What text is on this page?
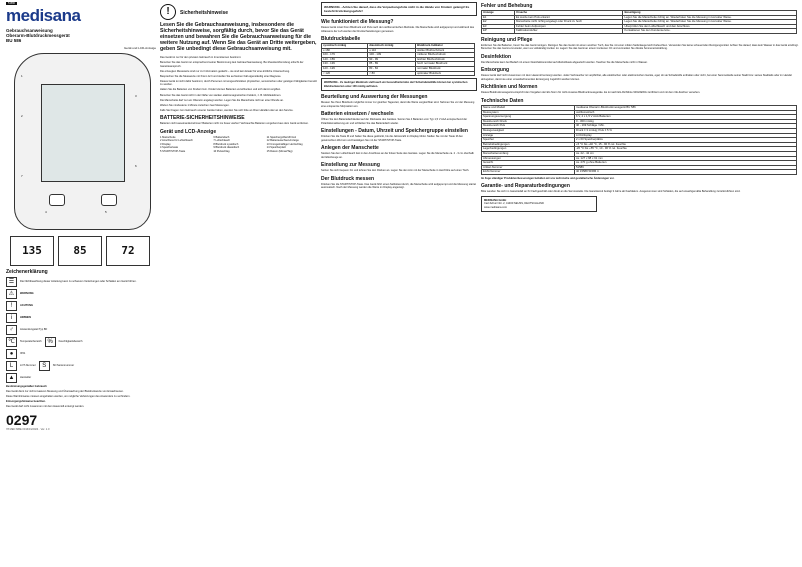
51586
medisana
Gebrauchsanweisung
Oberarm-Blutdruckmessgerät
BU 586
Gerät und LCD-Anzeige
1
2
3
4	5
6
7
135	85	72
Zeichenerklärung
☰	Die Nichtbeachtung dieser Anleitung kann zu schweren Verletzungen oder Schäden am Gerät führen.
⚠	WARNUNG
!	ACHTUNG
i	HINWEIS
♂	Anwendungsteil Typ BF
℃	Temperaturbereich %	Feuchtigkeitsbereich
●	IP21
L	LOT-Nummer	S	SN Seriennummer
▲	Hersteller

Bestimmungsgemäßer Gebrauch

Das Gerät dient zur nicht-invasiven Messung und Überwachung der Blutdruckwerte von Erwachsenen.

Diese Warnhinweise müssen eingehalten werden, um mögliche Verletzungen des Anwenders zu verhindern.

Entsorgungshinweise beachten.

Das Gerät darf nicht zusammen mit dem Hausmüll entsorgt werden.

0297
78 MED MBE 0016/01/2024 · Ver. 1.0
!	Sicherheitshinweise
Lesen Sie die Gebrauchsanweisung, insbesondere die Sicherheitshinweise, sorgfältig durch, bevor Sie das Gerät einsetzen und bewahren Sie die Gebrauchsanweisung für die weitere Nutzung auf. Wenn Sie das Gerät an Dritte weitergeben, geben Sie unbedingt diese Gebrauchsanweisung mit.

Das Gerät ist nur für den privaten Gebrauch in Innenräumen bestimmt.

Benutzen Sie das Gerät nur entsprechend seiner Bestimmung laut Gebrauchsanweisung. Bei Zweckentfremdung erlischt der Garantieanspruch.

Die erzeugten Messwerte sind nur zur Information gedacht – sie sind kein Ersatz für eine ärztliche Untersuchung.

Besprechen Sie die Messwerte mit Ihrem Arzt und stellen Sie auf keinen Fall eigenständig eine Diagnose.

Dieses Gerät ist nicht dafür bestimmt, durch Personen mit eingeschränkten physischen, sensorischen oder geistigen Fähigkeiten benutzt zu werden.

Halten Sie die Batterien von Kindern fern. Kinder können Batterien verschlucken und sich damit vergiften.

Benutzen Sie das Gerät nicht in der Nähe von starken elektromagnetischen Feldern, z. B. Mobiltelefonen.

Die Manschette darf nur am Oberarm angelegt werden. Legen Sie die Manschette nicht an einer Wunde an.

Warten Sie mindestens 1 Minute zwischen zwei Messungen.

Falls Sie Fragen zum Gebrauch unserer Geräte haben, wenden Sie sich bitte an Ihren Händler oder an den Service.

BATTERIE-SICHERHEITSHINWEISE

Batterien nicht auseinandernehmen! Batterien nicht ins Feuer werfen! Verbrauchte Batterien umgehend aus dem Gerät entfernen.

Gerät und LCD-Anzeige
1 Manschette
2 Anschluss für Luftschlauch
3 Display
4 Speichertaste
5 START/STOP-Taste
6 Batteriefach
7 Luftschlauch
8 Blutdruck systolisch
9 Blutdruck diastolisch
10 Pulsschlag
11 Speichergröße/Uhrzeit
12 Batteriewechsel-Anzeige
13 Unregelmäßiger Herzschlag
14 Speicherplatz
15 Datum (Monat/Tag)
WARNUNG - Achten Sie darauf, dass die Verpackungsfolie nicht in die Hände von Kindern gelangt! Es besteht Erstickungsgefahr!
Wie funktioniert die Messung?

Dieses Gerät misst Ihren Blutdruck und Puls nach der oszillometrischen Methode. Die Manschette wird aufgepumpt und während des Ablassens der Luft werden die Druckschwankungen gemessen.

Blutdrucktabelle
systolisch mmHg	diastolisch mmHg	Blutdruck-Indikator
≥ 180	≥ 110	stärker Bluthochdruck
160 - 179	100 - 109	mittlerer Bluthochdruck
140 - 159	90 - 99	leichter Bluthochdruck
130 - 139	85 - 89	hoch normaler Blutdruck
120 - 129	80 - 84	normaler Blutdruck
< 120	< 80	optimaler Blutdruck
WARNUNG - Zu niedriger Blutdruck stellt auch ein Gesundheitsrisiko dar! Schwindelanfälle können bei systolischen Blutdruckwerten unter 100 mmHg auftreten.
Beurteilung und Auswertung der Messungen

Messen Sie Ihren Blutdruck möglichst immer zur gleichen Tageszeit, damit die Werte vergleichbar sind. Nehmen Sie vor der Messung eine entspannte Sitzposition ein.

Batterien einsetzen / wechseln

Öffnen Sie den Batteriefachdeckel auf der Rückseite des Gerätes. Setzen Sie 4 Batterien vom Typ 1,5 V AAA entsprechend der Polaritätsmarkierung ein und schließen Sie das Batteriefach wieder.

Einstellungen - Datum, Uhrzeit und Speichergruppe einstellen

Drücken Sie die Taste M und halten Sie diese gedrückt, bis die Jahreszahl im Display blinkt. Stellen Sie mit der Taste M den gewünschten Wert ein und bestätigen Sie mit der START/STOP-Taste.

Anlegen der Manschette

Stecken Sie den Luftschlauch fest in den Anschluss an der linken Seite des Gerätes. Legen Sie die Manschette ca. 2 - 3 cm oberhalb der Ellenbeuge an.

Einstellung zur Messung

Setzen Sie sich bequem hin und lehnen Sie den Rücken an. Legen Sie den Arm mit der Manschette in Herzhöhe auf einen Tisch.

Der Blutdruck messen

Drücken Sie die START/STOP-Taste. Das Gerät führt einen Selbsttest durch, die Manschette wird aufgepumpt und die Messung startet automatisch. Nach der Messung werden die Werte im Display angezeigt.

Fehler und Behebung
Anzeige	Ursache	Beseitigung
E1	Es wurde kein Puls erkannt	Legen Sie die Manschette richtig an. Wiederholen Sie die Messung in korrekter Weise.
E2	Manschette nicht richtig angelegt oder Druck zu hoch	Legen Sie die Manschette richtig an. Wiederholen Sie die Messung in korrekter Weise.
E3	Fehler beim Aufpumpen	Überprüfen Sie den Luftschlauch und den Anschluss.
EP	Kalibrationsfehler	Kontaktieren Sie den Kundenservice.
Reinigung und Pflege

Entfernen Sie die Batterien, bevor Sie das Gerät reinigen. Reinigen Sie das Gerät mit einem weichen Tuch, das Sie mit einer milden Seifenlauge leicht befeuchten. Verwenden Sie keine scheuernden Reinigungsmittel. Achten Sie darauf, dass kein Wasser in das Gerät eindringt. Benutzen Sie das Gerät erst wieder, wenn es vollständig trocken ist. Lagern Sie das Gerät an einem trockenen Ort und vermeiden Sie direkte Sonneneinstrahlung.

Desinfektion

Die Manschette kann bei Bedarf mit einem Desinfektionsmittel auf Alkoholbasis abgewischt werden. Tauchen Sie die Manschette nicht in Wasser.

Entsorgung

Dieses Gerät darf nicht zusammen mit dem Hausmüll entsorgt werden. Jeder Verbraucher ist verpflichtet, alle elektrischen oder elektronischen Geräte, egal, ob sie Schadstoffe enthalten oder nicht, bei einer Sammelstelle seiner Stadt bzw. seines Stadtteils oder im Handel abzugeben, damit sie einer umweltschonenden Entsorgung zugeführt werden können.

Richtlinien und Normen

Dieses Blutdruckmessgerät entspricht den Vorgaben der EU-Norm für nicht-invasive Blutdruckmessgeräte. Es ist nach EG-Richtlinie 93/42/EWG zertifiziert und mit dem CE-Zeichen versehen.

Technische Daten
Name und Modell	medisana Oberarm-Blutdruckmessgerät BU 586
Messsystem	oszillometrisch
Spannungsversorgung	6 V, 4 x 1,5 V AAA Batterien
Messbereich Druck	0 - 300 mmHg
Messbereich Puls	40 - 199 Schläge / Min.
Messgenauigkeit	Druck ± 3 mmHg; Puls ± 5 %
Anzeige	LCD-Display
Speicher	2 x 60 Speicherplätze
Betriebsbedingungen	+5 °C bis +40 °C, 15 - 90 % rel. Feuchte
Lagerbedingungen	-20 °C bis +55 °C, 10 - 90 % rel. Feuchte
Manschettenumfang	ca. 22 - 42 cm
Abmessungen	ca. 127 x 98 x 61 mm
Gewicht	ca. 270 g ohne Batterien
Artikel-Nummer	51586
EAN-Nummer	40 15588 51586 4

Im Zuge ständiger Produktverbesserungen behalten wir uns technische und gestalterische Änderungen vor.

Garantie- und Reparaturbedingungen

Bitte wenden Sie sich im Garantiefall an Ihr Fachgeschäft oder direkt an die Servicestelle. Die Garantiezeit beträgt 3 Jahre ab Kaufdatum. Ausgenommen sind Schäden, die auf unsachgemäße Behandlung zurückzuführen sind.

MEDISANA GmbH
Carl-Schurz-Str. 2, 41460 NEUSS, DEUTSCHLAND
www.medisana.com
